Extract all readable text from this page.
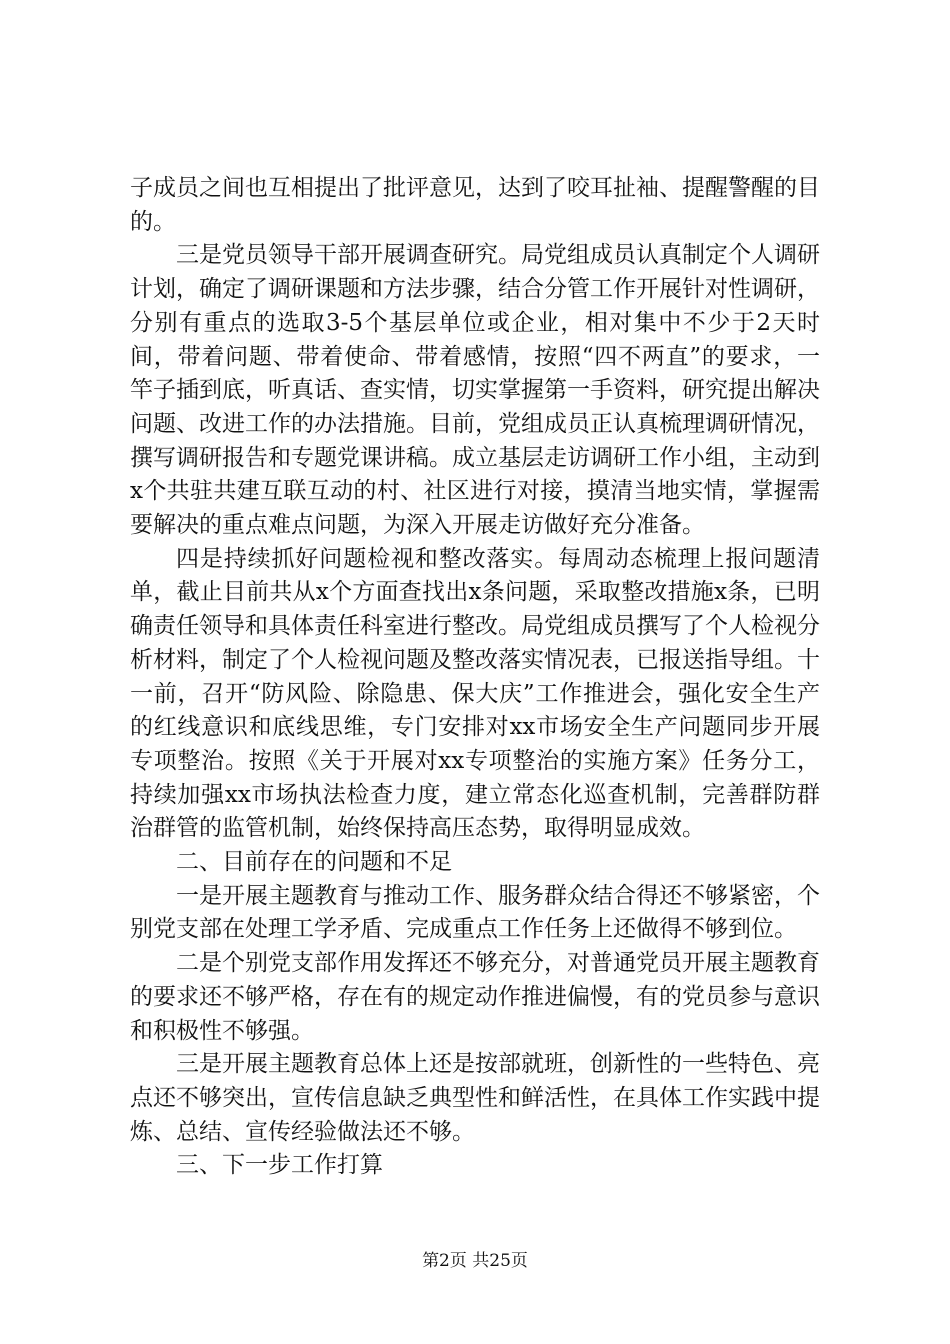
子成员之间也互相提出了批评意见，达到了咬耳扯袖、提醒警醒的目的。

三是党员领导干部开展调查研究。局党组成员认真制定个人调研计划，确定了调研课题和方法步骤，结合分管工作开展针对性调研，分别有重点的选取3-5个基层单位或企业，相对集中不少于2天时间，带着问题、带着使命、带着感情，按照“四不两直”的要求，一竿子插到底，听真话、查实情，切实掌握第一手资料，研究提出解决问题、改进工作的办法措施。目前，党组成员正认真梳理调研情况，撰写调研报告和专题党课讲稿。成立基层走访调研工作小组，主动到x个共驻共建互联互动的村、社区进行对接，摸清当地实情，掌握需要解决的重点难点问题，为深入开展走访做好充分准备。

四是持续抓好问题检视和整改落实。每周动态梳理上报问题清单，截止目前共从x个方面查找出x条问题，采取整改措施x条，已明确责任领导和具体责任科室进行整改。局党组成员撰写了个人检视分析材料，制定了个人检视问题及整改落实情况表，已报送指导组。十一前，召开“防风险、除隐患、保大庆”工作推进会，强化安全生产的红线意识和底线思维，专门安排对xx市场安全生产问题同步开展专项整治。按照《关于开展对xx专项整治的实施方案》任务分工，持续加强xx市场执法检查力度，建立常态化巡查机制，完善群防群治群管的监管机制，始终保持高压态势，取得明显成效。

二、目前存在的问题和不足

一是开展主题教育与推动工作、服务群众结合得还不够紧密，个别党支部在处理工学矛盾、完成重点工作任务上还做得不够到位。

二是个别党支部作用发挥还不够充分，对普通党员开展主题教育的要求还不够严格，存在有的规定动作推进偏慢，有的党员参与意识和积极性不够强。

三是开展主题教育总体上还是按部就班，创新性的一些特色、亮点还不够突出，宣传信息缺乏典型性和鲜活性，在具体工作实践中提炼、总结、宣传经验做法还不够。

三、下一步工作打算

第2页 共25页
